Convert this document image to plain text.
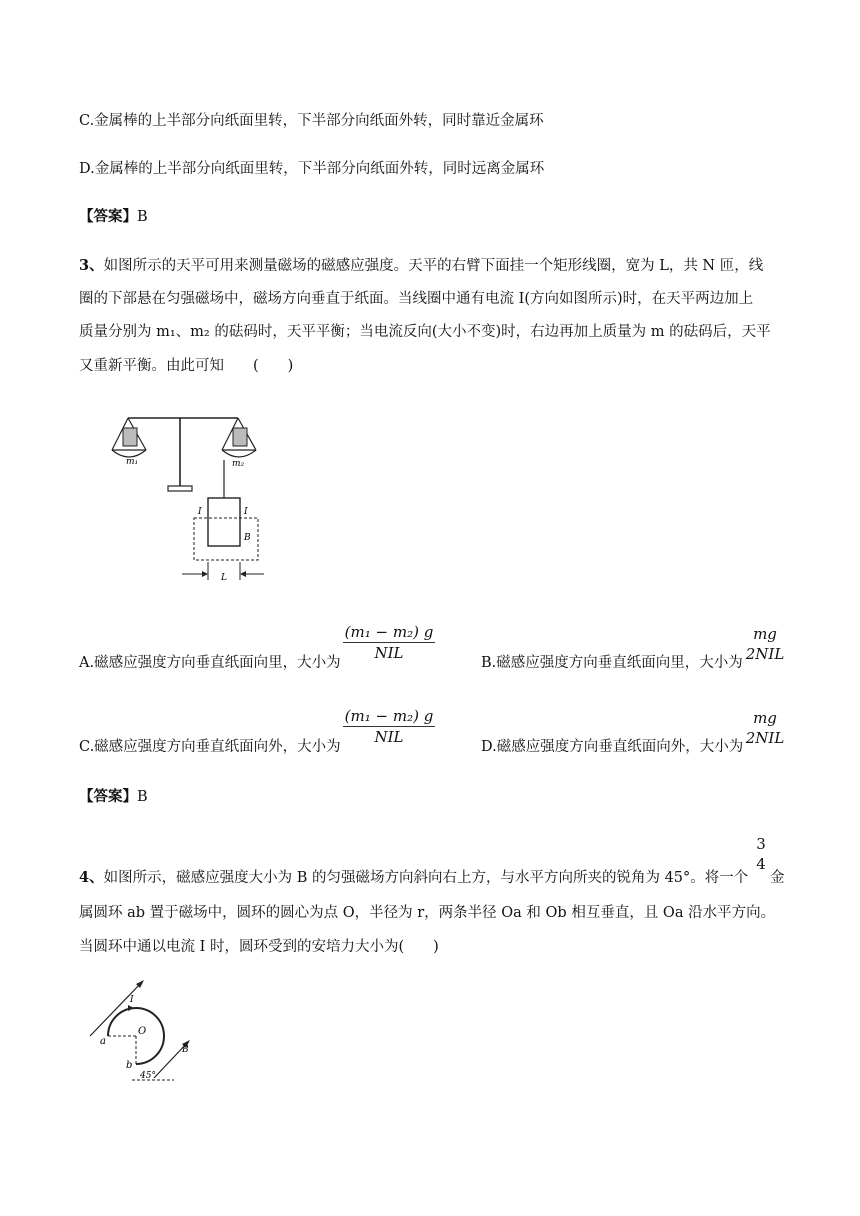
C.金属棒的上半部分向纸面里转，下半部分向纸面外转，同时靠近金属环
D.金属棒的上半部分向纸面里转，下半部分向纸面外转，同时远离金属环
【答案】B
3、如图所示的天平可用来测量磁场的磁感应强度。天平的右臂下面挂一个矩形线圈，宽为 L，共 N 匝，线
圈的下部悬在匀强磁场中，磁场方向垂直于纸面。当线圈中通有电流 I(方向如图所示)时，在天平两边加上
质量分别为 m₁、m₂ 的砝码时，天平平衡；当电流反向(大小不变)时，右边再加上质量为 m 的砝码后，天平
又重新平衡。由此可知　　(　　)
m₁	m₂
I	I
B
L
A.磁感应强度方向垂直纸面向里，大小为
(m₁ − m₂) g
NIL
B.磁感应强度方向垂直纸面向里，大小为
mg
2NIL
C.磁感应强度方向垂直纸面向外，大小为
(m₁ − m₂) g
NIL
D.磁感应强度方向垂直纸面向外，大小为
mg
2NIL
【答案】B
3
4
4、如图所示，磁感应强度大小为 B 的匀强磁场方向斜向右上方，与水平方向所夹的锐角为 45°。将一个 金
属圆环 ab 置于磁场中，圆环的圆心为点 O，半径为 r，两条半径 Oa 和 Ob 相互垂直，且 Oa 沿水平方向。
当圆环中通以电流 I 时，圆环受到的安培力大小为(　　)
O
a
b
I
B
45°
